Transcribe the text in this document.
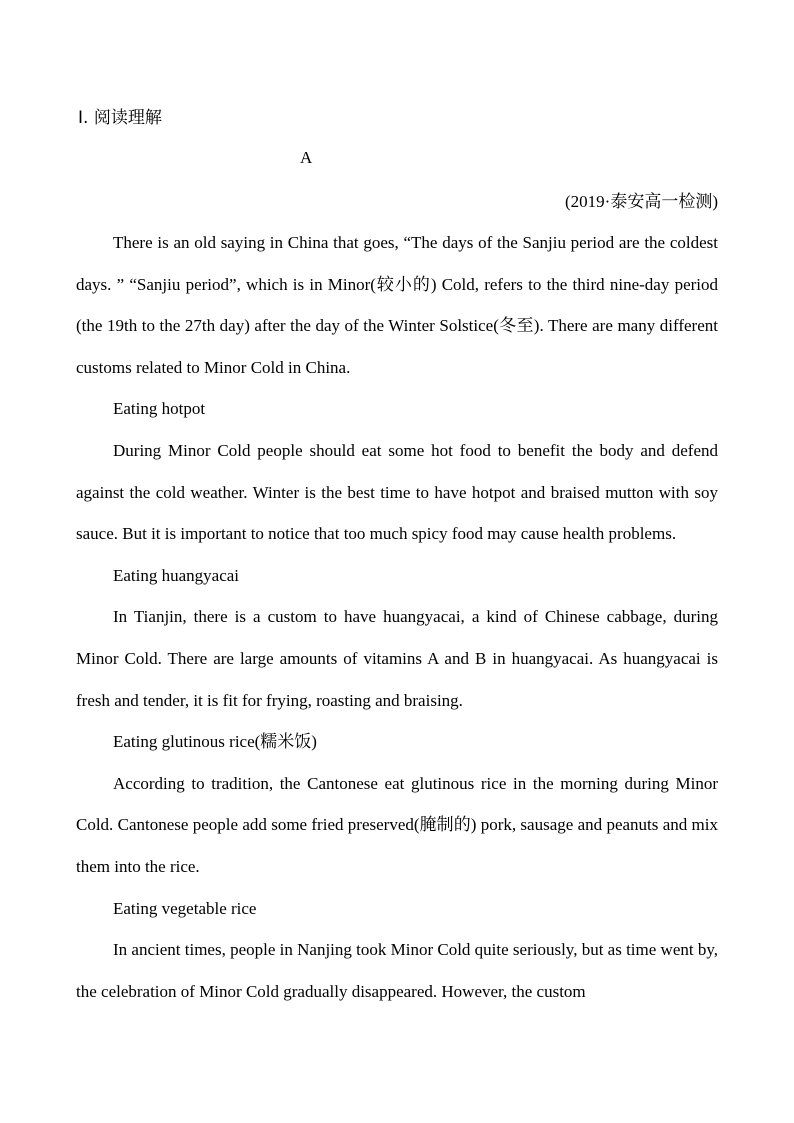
Ⅰ. 阅读理解
A
(2019·泰安高一检测)

There is an old saying in China that goes, “The days of the Sanjiu period are the coldest days. ” “Sanjiu period”, which is in Minor(较小的) Cold, refers to the third nine-day period (the 19th to the 27th day) after the day of the Winter Solstice(冬至). There are many different customs related to Minor Cold in China.

Eating hotpot

During Minor Cold people should eat some hot food to benefit the body and defend against the cold weather. Winter is the best time to have hotpot and braised mutton with soy sauce. But it is important to notice that too much spicy food may cause health problems.

Eating huangyacai

In Tianjin, there is a custom to have huangyacai, a kind of Chinese cabbage, during Minor Cold. There are large amounts of vitamins A and B in huangyacai. As huangyacai is fresh and tender, it is fit for frying, roasting and braising.

Eating glutinous rice(糯米饭)

According to tradition, the Cantonese eat glutinous rice in the morning during Minor Cold. Cantonese people add some fried preserved(腌制的) pork, sausage and peanuts and mix them into the rice.

Eating vegetable rice

In ancient times, people in Nanjing took Minor Cold quite seriously, but as time went by, the celebration of Minor Cold gradually disappeared. However, the custom
